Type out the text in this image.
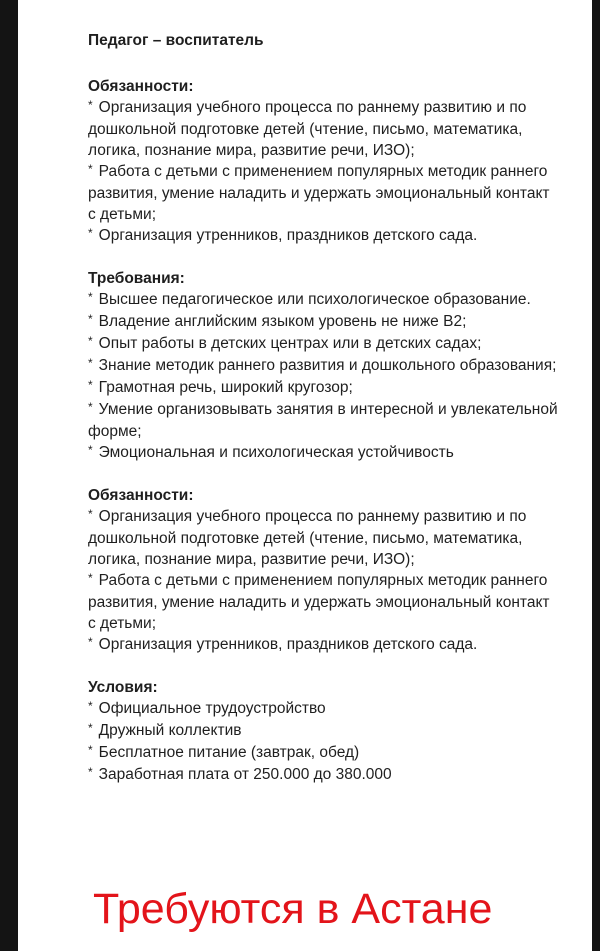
Педагог – воспитатель
Обязанности:
* Организация учебного процесса по раннему развитию и по дошкольной подготовке детей (чтение, письмо, математика, логика, познание мира, развитие речи, ИЗО);
* Работа с детьми с применением популярных методик раннего развития, умение наладить и удержать эмоциональный контакт с детьми;
* Организация утренников, праздников детского сада.
Требования:
* Высшее педагогическое или психологическое образование.
* Владение английским языком уровень не ниже В2;
* Опыт работы в детских центрах или в детских садах;
* Знание методик раннего развития и дошкольного образования;
* Грамотная речь, широкий кругозор;
* Умение организовывать занятия в интересной и увлекательной форме;
* Эмоциональная и психологическая устойчивость
Обязанности:
* Организация учебного процесса по раннему развитию и по дошкольной подготовке детей (чтение, письмо, математика, логика, познание мира, развитие речи, ИЗО);
* Работа с детьми с применением популярных методик раннего развития, умение наладить и удержать эмоциональный контакт с детьми;
* Организация утренников, праздников детского сада.
Условия:
* Официальное трудоустройство
* Дружный коллектив
* Бесплатное питание (завтрак, обед)
* Заработная плата от 250.000 до 380.000
Требуются в Астане
